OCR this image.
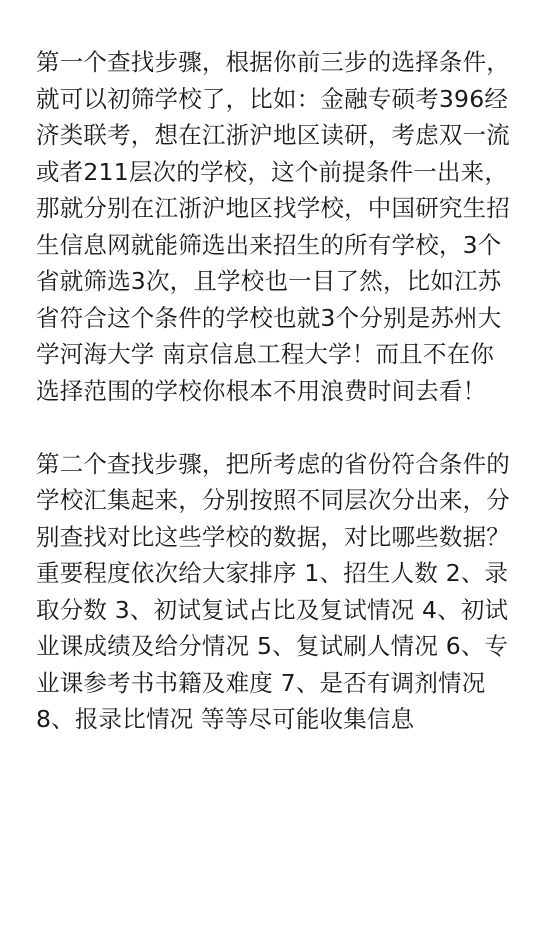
第一个查找步骤，根据你前三步的选择条件，就可以初筛学校了，比如：金融专硕考396经济类联考，想在江浙沪地区读研，考虑双一流或者211层次的学校，这个前提条件一出来，那就分别在江浙沪地区找学校，中国研究生招生信息网就能筛选出来招生的所有学校，3个省就筛选3次，且学校也一目了然，比如江苏省符合这个条件的学校也就3个分别是苏州大学河海大学 南京信息工程大学！而且不在你选择范围的学校你根本不用浪费时间去看！

第二个查找步骤，把所考虑的省份符合条件的学校汇集起来，分别按照不同层次分出来，分别查找对比这些学校的数据，对比哪些数据？重要程度依次给大家排序 1、招生人数 2、录取分数 3、初试复试占比及复试情况 4、初试业课成绩及给分情况 5、复试刷人情况 6、专业课参考书书籍及难度 7、是否有调剂情况 8、报录比情况 等等尽可能收集信息
